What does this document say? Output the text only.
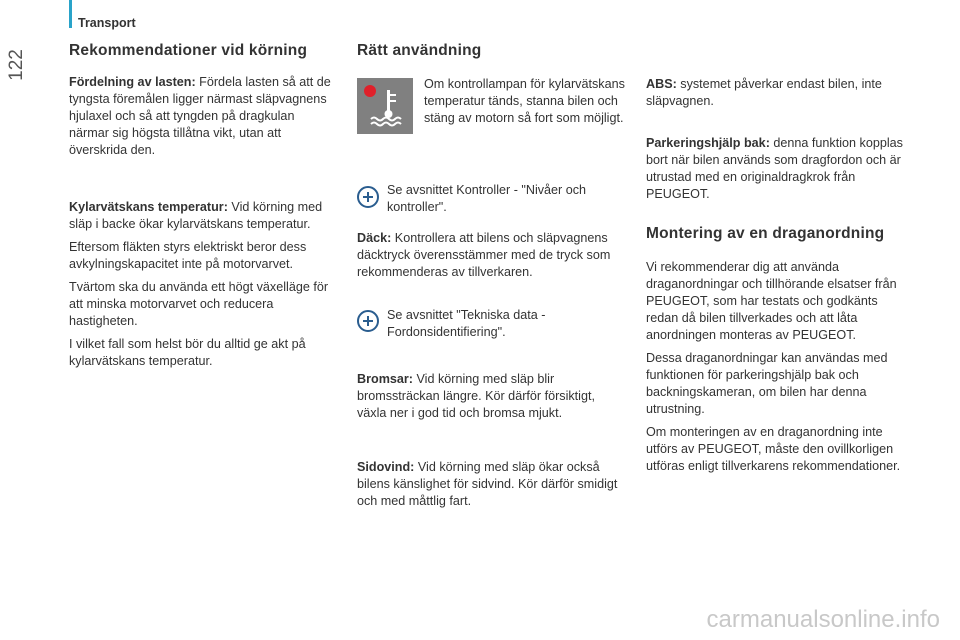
Transport
122	Rekommendationer vid körning

Fördelning av lasten: Fördela lasten så att de tyngsta föremålen ligger närmast släpvagnens hjulaxel och så att tyngden på dragkulan närmar sig högsta tillåtna vikt, utan att överskrida den.

Kylarvätskans temperatur: Vid körning med släp i backe ökar kylarvätskans temperatur.

Eftersom fläkten styrs elektriskt beror dess avkylningskapacitet inte på motorvarvet.

Tvärtom ska du använda ett högt växelläge för att minska motorvarvet och reducera hastigheten.

I vilket fall som helst bör du alltid ge akt på kylarvätskans temperatur.

Rätt användning

Om kontrollampan för kylarvätskans temperatur tänds, stanna bilen och stäng av motorn så fort som möjligt.

Se avsnittet Kontroller - "Nivåer och kontroller".

Däck: Kontrollera att bilens och släpvagnens däcktryck överensstämmer med de tryck som rekommenderas av tillverkaren.

Se avsnittet "Tekniska data - Fordonsidentifiering".

Bromsar: Vid körning med släp blir bromssträckan längre. Kör därför försiktigt, växla ner i god tid och bromsa mjukt.

Sidovind: Vid körning med släp ökar också bilens känslighet för sidvind. Kör därför smidigt och med måttlig fart.

ABS: systemet påverkar endast bilen, inte släpvagnen.

Parkeringshjälp bak: denna funktion kopplas bort när bilen används som dragfordon och är utrustad med en originaldragkrok från PEUGEOT.

Montering av en draganordning

Vi rekommenderar dig att använda draganordningar och tillhörande elsatser från PEUGEOT, som har testats och godkänts redan då bilen tillverkades och att låta anordningen monteras av PEUGEOT.

Dessa draganordningar kan användas med funktionen för parkeringshjälp bak och backningskameran, om bilen har denna utrustning.

Om monteringen av en draganordning inte utförs av PEUGEOT, måste den ovillkorligen utföras enligt tillverkarens rekommendationer.

carmanualsonline.info
